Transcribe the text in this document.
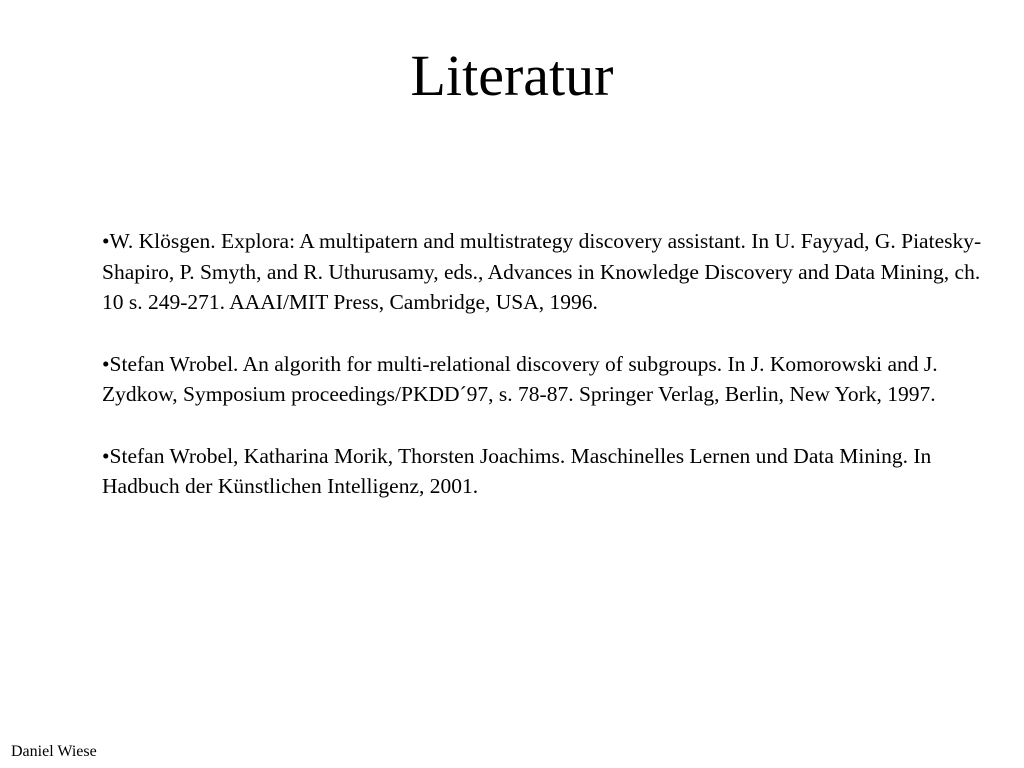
Literatur
•W. Klösgen. Explora: A multipatern and multistrategy discovery assistant. In U. Fayyad, G. Piatesky-Shapiro, P. Smyth, and R. Uthurusamy, eds., Advances in Knowledge Discovery and Data Mining, ch. 10 s. 249-271. AAAI/MIT Press, Cambridge, USA, 1996.
•Stefan Wrobel. An algorith for multi-relational discovery of subgroups. In J. Komorowski and J. Zydkow, Symposium proceedings/PKDD´97, s. 78-87. Springer Verlag, Berlin, New York, 1997.
•Stefan Wrobel, Katharina Morik, Thorsten Joachims. Maschinelles Lernen und Data Mining. In Hadbuch der Künstlichen Intelligenz, 2001.
Daniel Wiese
